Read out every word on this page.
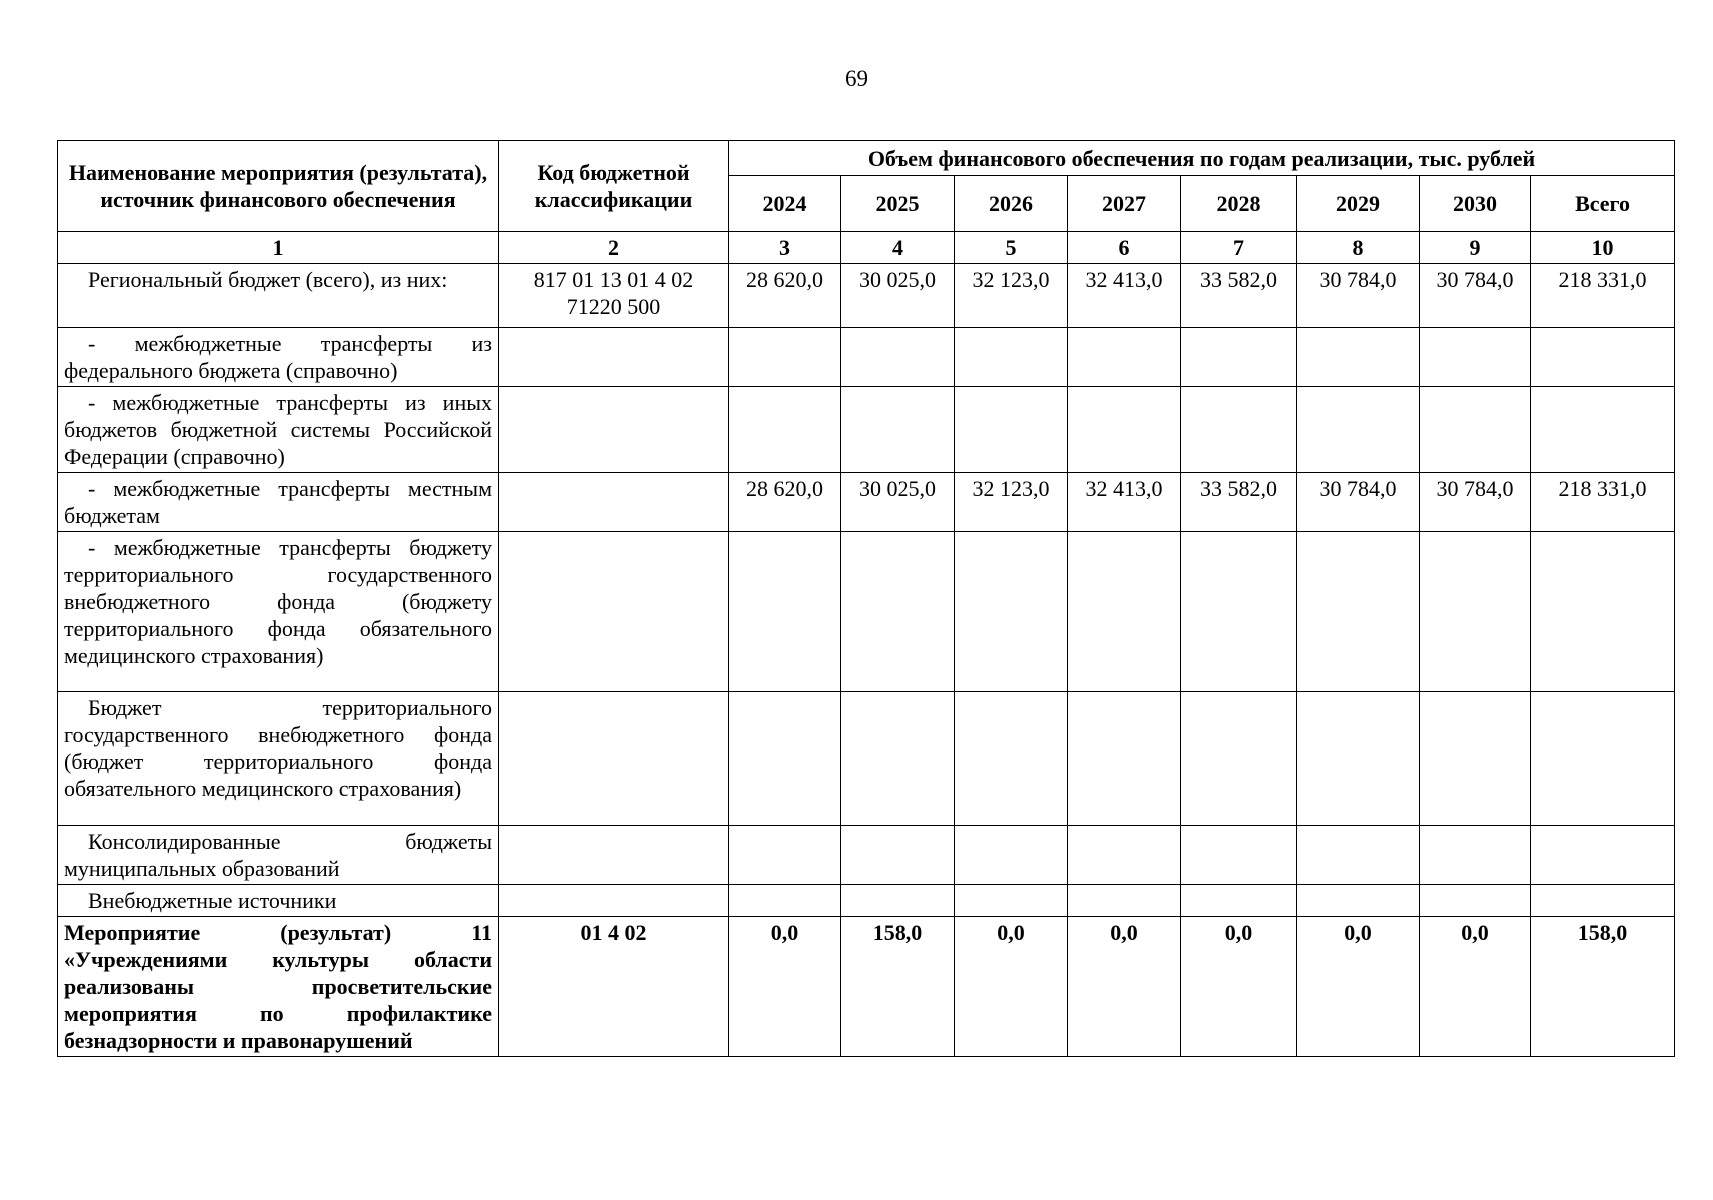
69
Наименование мероприятия (результата), источник финансового обеспечения	Код бюджетной классификации	Объем финансового обеспечения по годам реализации, тыс. рублей							
		2024	2025	2026	2027	2028	2029	2030	Всего
1	2	3	4	5	6	7	8	9	10
Региональный бюджет (всего), из них:	817 01 13 01 4 02 71220 500	28 620,0	30 025,0	32 123,0	32 413,0	33 582,0	30 784,0	30 784,0	218 331,0
- межбюджетные трансферты из федерального бюджета (справочно)									
- межбюджетные трансферты из иных бюджетов бюджетной системы Российской Федерации (справочно)									
- межбюджетные трансферты местным бюджетам		28 620,0	30 025,0	32 123,0	32 413,0	33 582,0	30 784,0	30 784,0	218 331,0
- межбюджетные трансферты бюджету территориального государственного внебюджетного фонда (бюджету территориального фонда обязательного медицинского страхования)									
Бюджет территориального государственного внебюджетного фонда (бюджет территориального фонда обязательного медицинского страхования)									
Консолидированные бюджеты муниципальных образований									
Внебюджетные источники									
Мероприятие (результат) 11 «Учреждениями культуры области реализованы просветительские мероприятия по профилактике безнадзорности и правонарушений	01 4 02	0,0	158,0	0,0	0,0	0,0	0,0	0,0	158,0
